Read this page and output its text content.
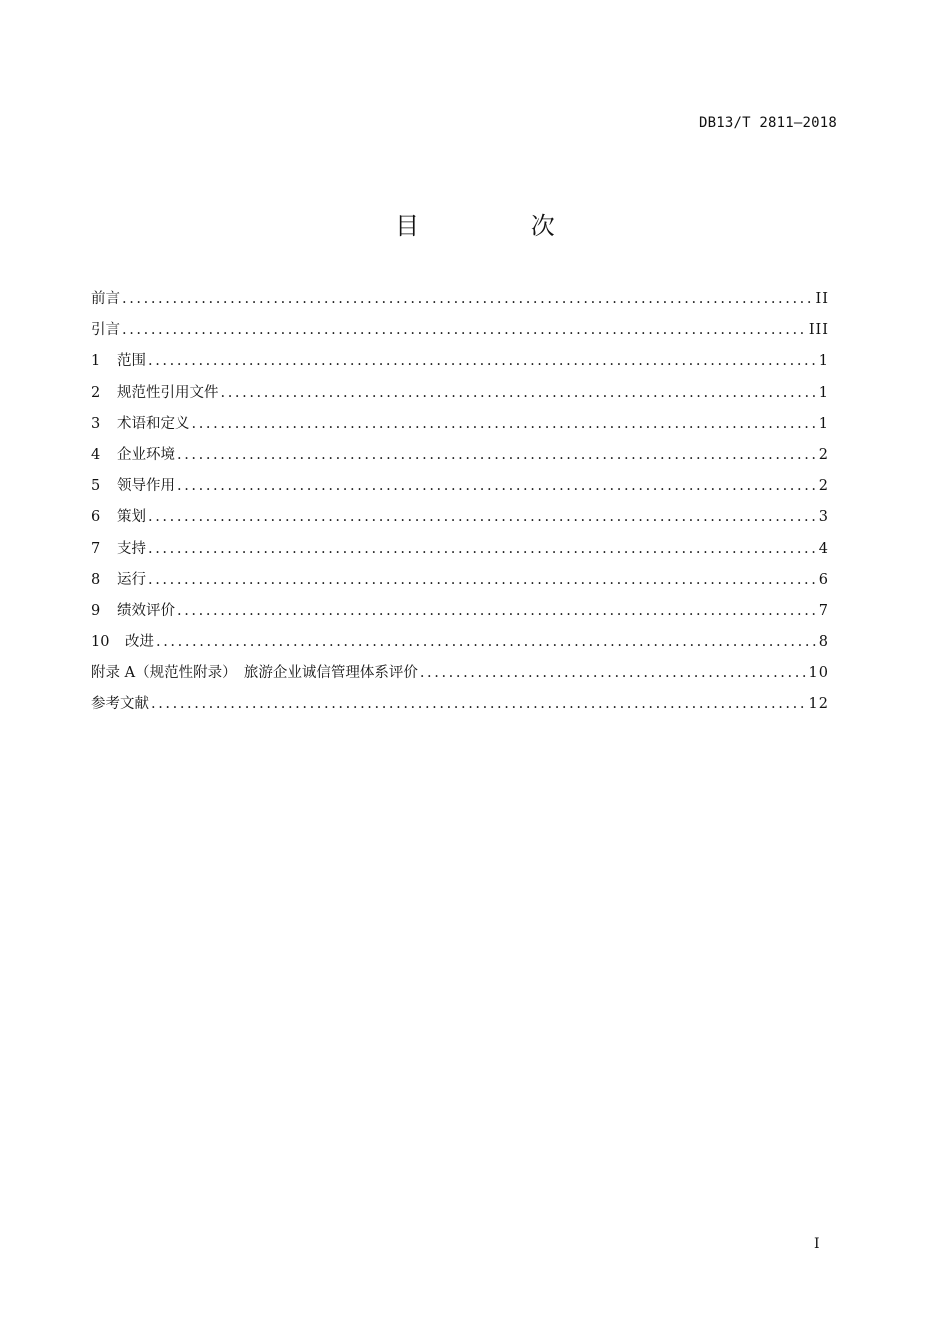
DB13/T 2811—2018
目 次
前言 .....	II
引言 .....	III
1	范围 .....	1
2	规范性引用文件 .....	1
3	术语和定义 .....	1
4	企业环境 .....	2
5	领导作用 .....	2
6	策划 .....	3
7	支持 .....	4
8	运行 .....	6
9	绩效评价 .....	7
10	改进 .....	8
附录 A（规范性附录）　旅游企业诚信管理体系评价 .....	10
参考文献 .....	12
I
